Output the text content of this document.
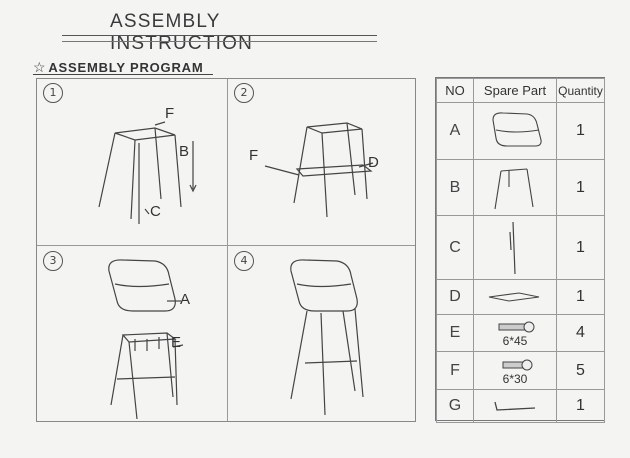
ASSEMBLY INSTRUCTION
☆ ASSEMBLY PROGRAM
1
F
B
C
2
F	D
3
A
E
4
NO	Spare Part	Quantity
A		1
B		1
C		1
D		1
E	6*45	4
F	6*30	5
G		1
